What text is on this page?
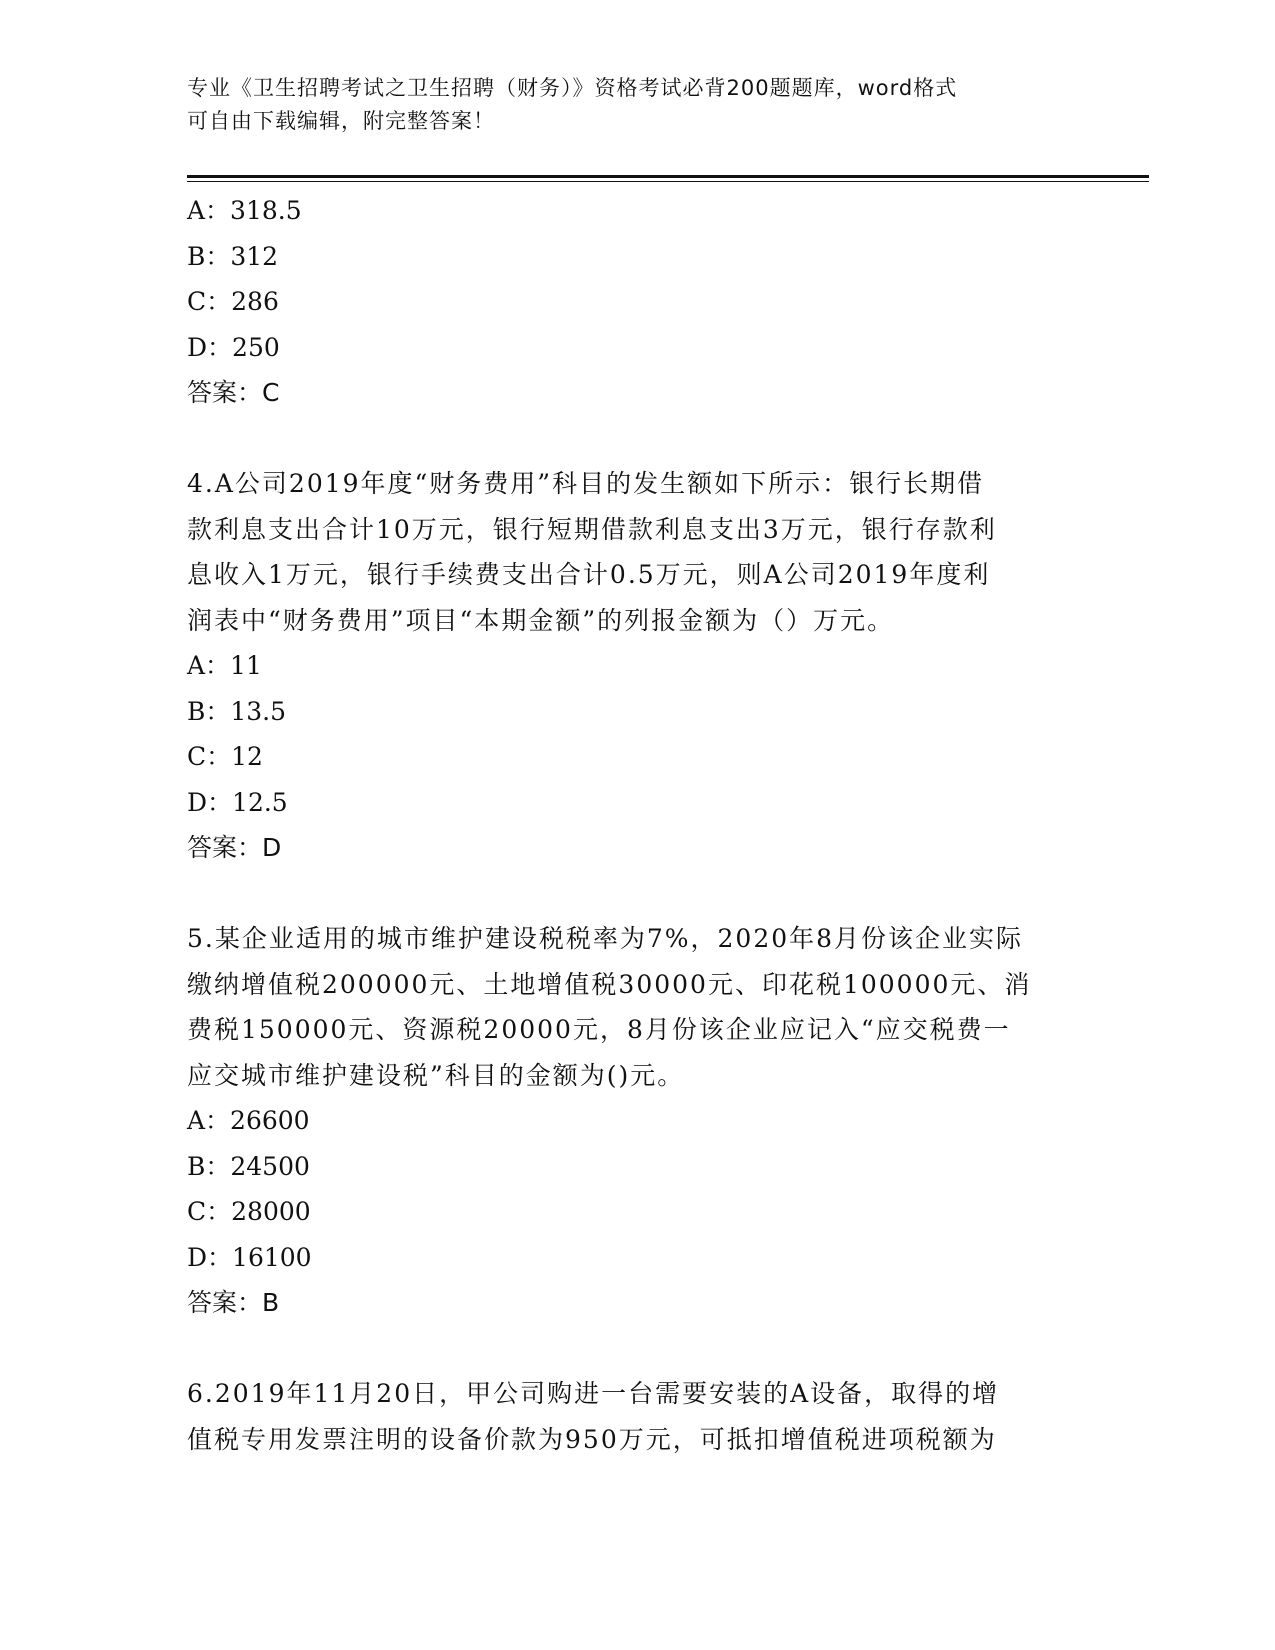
专业《卫生招聘考试之卫生招聘（财务）》资格考试必背200题题库，word格式
可自由下载编辑，附完整答案！
A：318.5
B：312
C：286
D：250
答案：C
4.A公司2019年度“财务费用”科目的发生额如下所示：银行长期借
款利息支出合计10万元，银行短期借款利息支出3万元，银行存款利
息收入1万元，银行手续费支出合计0.5万元，则A公司2019年度利
润表中“财务费用”项目“本期金额”的列报金额为（）万元。
A：11
B：13.5
C：12
D：12.5
答案：D
5.某企业适用的城市维护建设税税率为7%，2020年8月份该企业实际
缴纳增值税200000元、土地增值税30000元、印花税100000元、消
费税150000元、资源税20000元，8月份该企业应记入“应交税费一
应交城市维护建设税”科目的金额为()元。
A：26600
B：24500
C：28000
D：16100
答案：B
6.2019年11月20日，甲公司购进一台需要安装的A设备，取得的增
值税专用发票注明的设备价款为950万元，可抵扣增值税进项税额为
